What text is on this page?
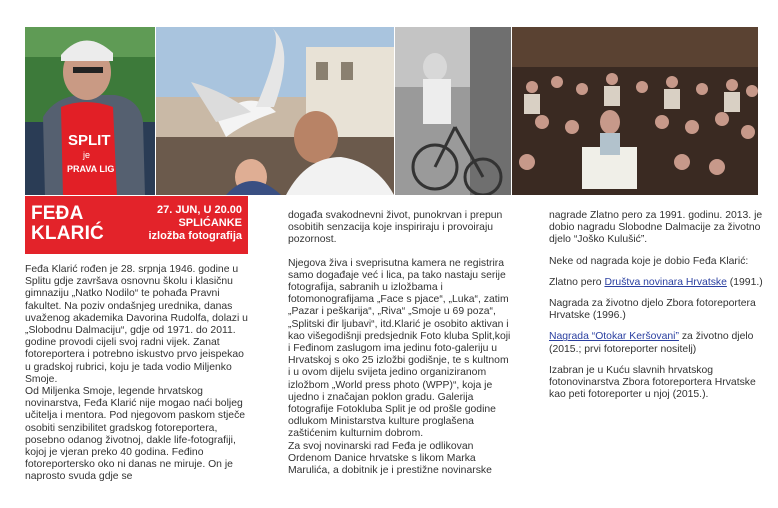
SPLIT
je
PRAVA LIG
FEĐA
KLARIĆ
27. JUN, U 20.00
SPLIĆANKE
izložba fotografija

Feđa Klarić rođen je 28. srpnja 1946. godine u Splitu gdje završava osnovnu školu i klasičnu gimnaziju „Natko Nodilo“ te pohađa Pravni fakultet. Na poziv ondašnjeg urednika, danas uvaženog akademika Davorina Rudolfa, dolazi u „Slobodnu Dalmaciju“, gdje od 1971. do 2011. godine provodi cijeli svoj radni vijek. Zanat fotoreportera i potrebno iskustvo prvo jeispekao u gradskoj rubrici, koju je tada vodio Miljenko Smoje.

Od Miljenka Smoje, legende hrvatskog novinarstva, Feđa Klarić nije mogao naći boljeg učitelja i mentora. Pod njegovom paskom stječe osobiti senzibilitet gradskog fotoreportera, posebno odanog životnoj, dakle life-fotografiji, kojoj je vjeran preko 40 godina. Feđino fotoreportersko oko ni danas ne miruje. On je naprosto svuda gdje se

događa svakodnevni život, punokrvan i prepun osobitih senzacija koje inspiriraju i provoiraju pozornost.

Njegova živa i sveprisutna kamera ne registrira samo događaje već i lica, pa tako nastaju serije fotografija, sabranih u izložbama i fotomonografijama „Face s pjace“, „Luka“, zatim „Pazar i peškarija“, „Riva“ „Smoje u 69 poza“, „Splitski đir ljubavi“, itd.Klarić je osobito aktivan i kao višegodišnji predsjednik Foto kluba Split,koji i Feđinom zaslugom ima jedinu foto-galeriju u Hrvatskoj s oko 25 izložbi godišnje, te s kultnom i u ovom dijelu svijeta jedino organiziranom izložbom „World press photo (WPP)“, koja je ujedno i značajan poklon gradu. Galerija fotografije Fotokluba Split je od prošle godine odlukom Ministarstva kulture proglašena zaštićenim kulturnim dobrom.

Za svoj novinarski rad Feđa je odlikovan Ordenom Danice hrvatske s likom Marka Marulića, a dobitnik je i prestižne novinarske

nagrade Zlatno pero za 1991. godinu. 2013. je dobio nagradu Slobodne Dalmacije za životno djelo “Joško Kulušić”.

Neke od nagrada koje je dobio Feđa Klarić:

Zlatno pero Društva novinara Hrvatske (1991.)

Nagrada za životno djelo Zbora fotoreportera Hrvatske (1996.)

Nagrada “Otokar Keršovani” za životno djelo (2015.; prvi fotoreporter nositelj)

Izabran je u Kuću slavnih hrvatskog fotonovinarstva Zbora fotoreportera Hrvatske kao peti fotoreporter u njoj (2015.).
